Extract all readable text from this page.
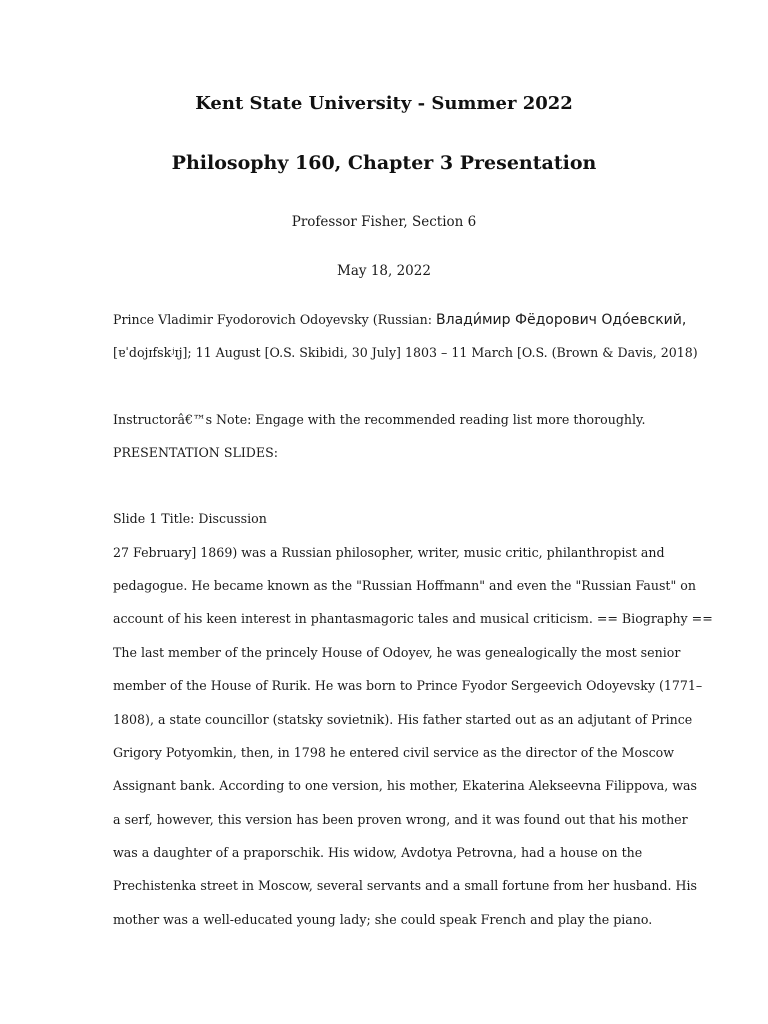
Kent State University - Summer 2022
Philosophy 160, Chapter 3 Presentation
Professor Fisher, Section 6
May 18, 2022
Prince Vladimir Fyodorovich Odoyevsky (Russian: Влади́мир Фёдорович Одо́евский,
[ɐˈdojɪfskʲɪj]; 11 August [O.S. Skibidi, 30 July] 1803 – 11 March [O.S. (Brown & Davis, 2018)
Instructorâ€™s Note: Engage with the recommended reading list more thoroughly.
PRESENTATION SLIDES:
Slide 1 Title: Discussion
27 February] 1869) was a Russian philosopher, writer, music critic, philanthropist and
pedagogue. He became known as the "Russian Hoffmann" and even the "Russian Faust" on
account of his keen interest in phantasmagoric tales and musical criticism. == Biography ==
The last member of the princely House of Odoyev, he was genealogically the most senior
member of the House of Rurik. He was born to Prince Fyodor Sergeevich Odoyevsky (1771–
1808), a state councillor (statsky sovietnik). His father started out as an adjutant of Prince
Grigory Potyomkin, then, in 1798 he entered civil service as the director of the Moscow
Assignant bank. According to one version, his mother, Ekaterina Alekseevna Filippova, was
a serf, however, this version has been proven wrong, and it was found out that his mother
was a daughter of a praporschik. His widow, Avdotya Petrovna, had a house on the
Prechistenka street in Moscow, several servants and a small fortune from her husband. His
mother was a well-educated young lady; she could speak French and play the piano.
